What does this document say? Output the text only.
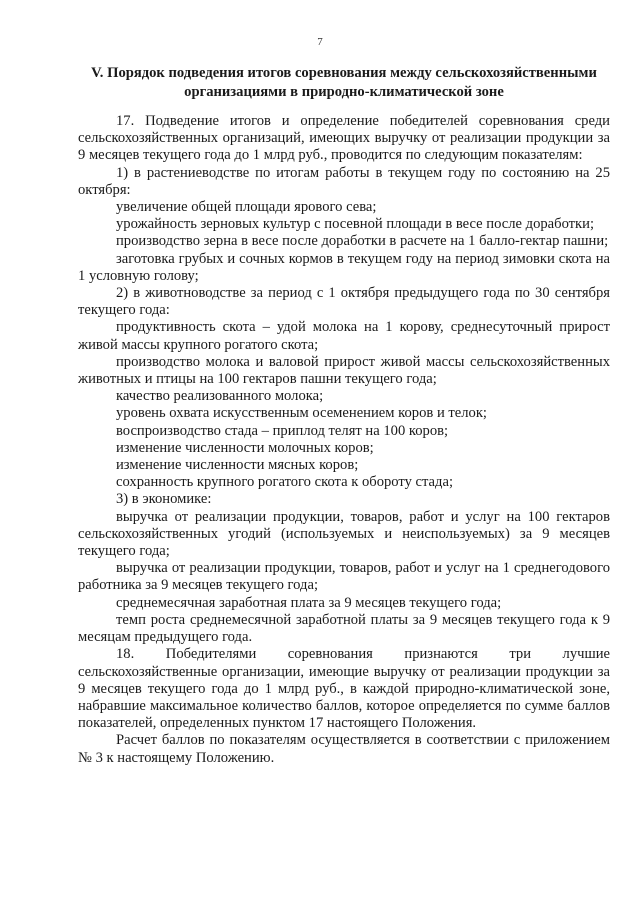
7
V. Порядок подведения итогов соревнования между сельскохозяйственными
организациями в природно-климатической зоне

17. Подведение итогов и определение победителей соревнования среди сельскохозяйственных организаций, имеющих выручку от реализации продукции за 9 месяцев текущего года до 1 млрд руб., проводится по следующим показателям:

1) в растениеводстве по итогам работы в текущем году по состоянию на 25 октября:

увеличение общей площади ярового сева;

урожайность зерновых культур с посевной площади в весе после доработки;

производство зерна в весе после доработки в расчете на 1 балло-гектар пашни;

заготовка грубых и сочных кормов в текущем году на период зимовки скота на 1 условную голову;

2) в животноводстве за период с 1 октября предыдущего года по 30 сентября текущего года:

продуктивность скота – удой молока на 1 корову, среднесуточный прирост живой массы крупного рогатого скота;

производство молока и валовой прирост живой массы сельскохозяйственных животных и птицы на 100 гектаров пашни текущего года;

качество реализованного молока;

уровень охвата искусственным осеменением коров и телок;

воспроизводство стада – приплод телят на 100 коров;

изменение численности молочных коров;

изменение численности мясных коров;

сохранность крупного рогатого скота к обороту стада;

3) в экономике:

выручка от реализации продукции, товаров, работ и услуг на 100 гектаров сельскохозяйственных угодий (используемых и неиспользуемых) за 9 месяцев текущего года;

выручка от реализации продукции, товаров, работ и услуг на 1 среднегодового работника за 9 месяцев текущего года;

среднемесячная заработная плата за 9 месяцев текущего года;

темп роста среднемесячной заработной платы за 9 месяцев текущего года к 9 месяцам предыдущего года.

18. Победителями соревнования признаются три лучшие сельскохозяйственные организации, имеющие выручку от реализации продукции за 9 месяцев текущего года до 1 млрд руб., в каждой природно-климатической зоне, набравшие максимальное количество баллов, которое определяется по сумме баллов показателей, определенных пунктом 17 настоящего Положения.

Расчет баллов по показателям осуществляется в соответствии с приложением № 3 к настоящему Положению.
